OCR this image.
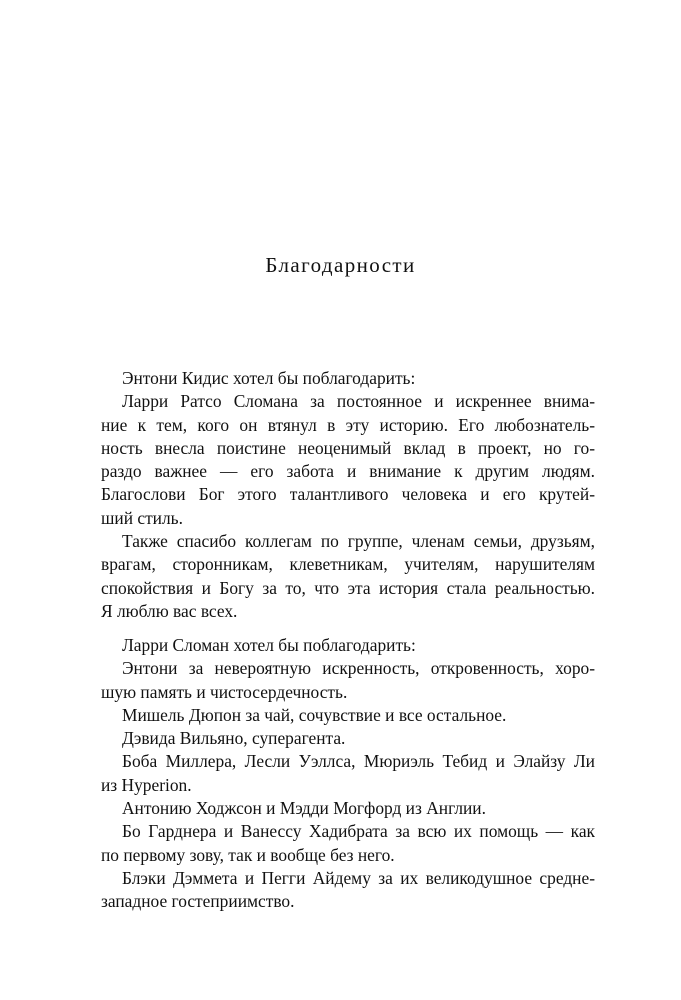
Благодарности
Энтони Кидис хотел бы поблагодарить:
Ларри Ратсо Сломана за постоянное и искреннее внима-
ние к тем, кого он втянул в эту историю. Его любознатель-
ность внесла поистине неоценимый вклад в проект, но го-
раздо важнее — его забота и внимание к другим людям.
Благослови Бог этого талантливого человека и его крутей-
ший стиль.
Также спасибо коллегам по группе, членам семьи, друзьям,
врагам, сторонникам, клеветникам, учителям, нарушителям
спокойствия и Богу за то, что эта история стала реальностью.
Я люблю вас всех.
Ларри Сломан хотел бы поблагодарить:
Энтони за невероятную искренность, откровенность, хоро-
шую память и чистосердечность.
Мишель Дюпон за чай, сочувствие и все остальное.
Дэвида Вильяно, суперагента.
Боба Миллера, Лесли Уэллса, Мюриэль Тебид и Элайзу Ли
из Hyperion.
Антонию Ходжсон и Мэдди Могфорд из Англии.
Бо Гарднера и Ванессу Хадибрата за всю их помощь — как
по первому зову, так и вообще без него.
Блэки Дэммета и Пегги Айдему за их великодушное средне-
западное гостеприимство.
